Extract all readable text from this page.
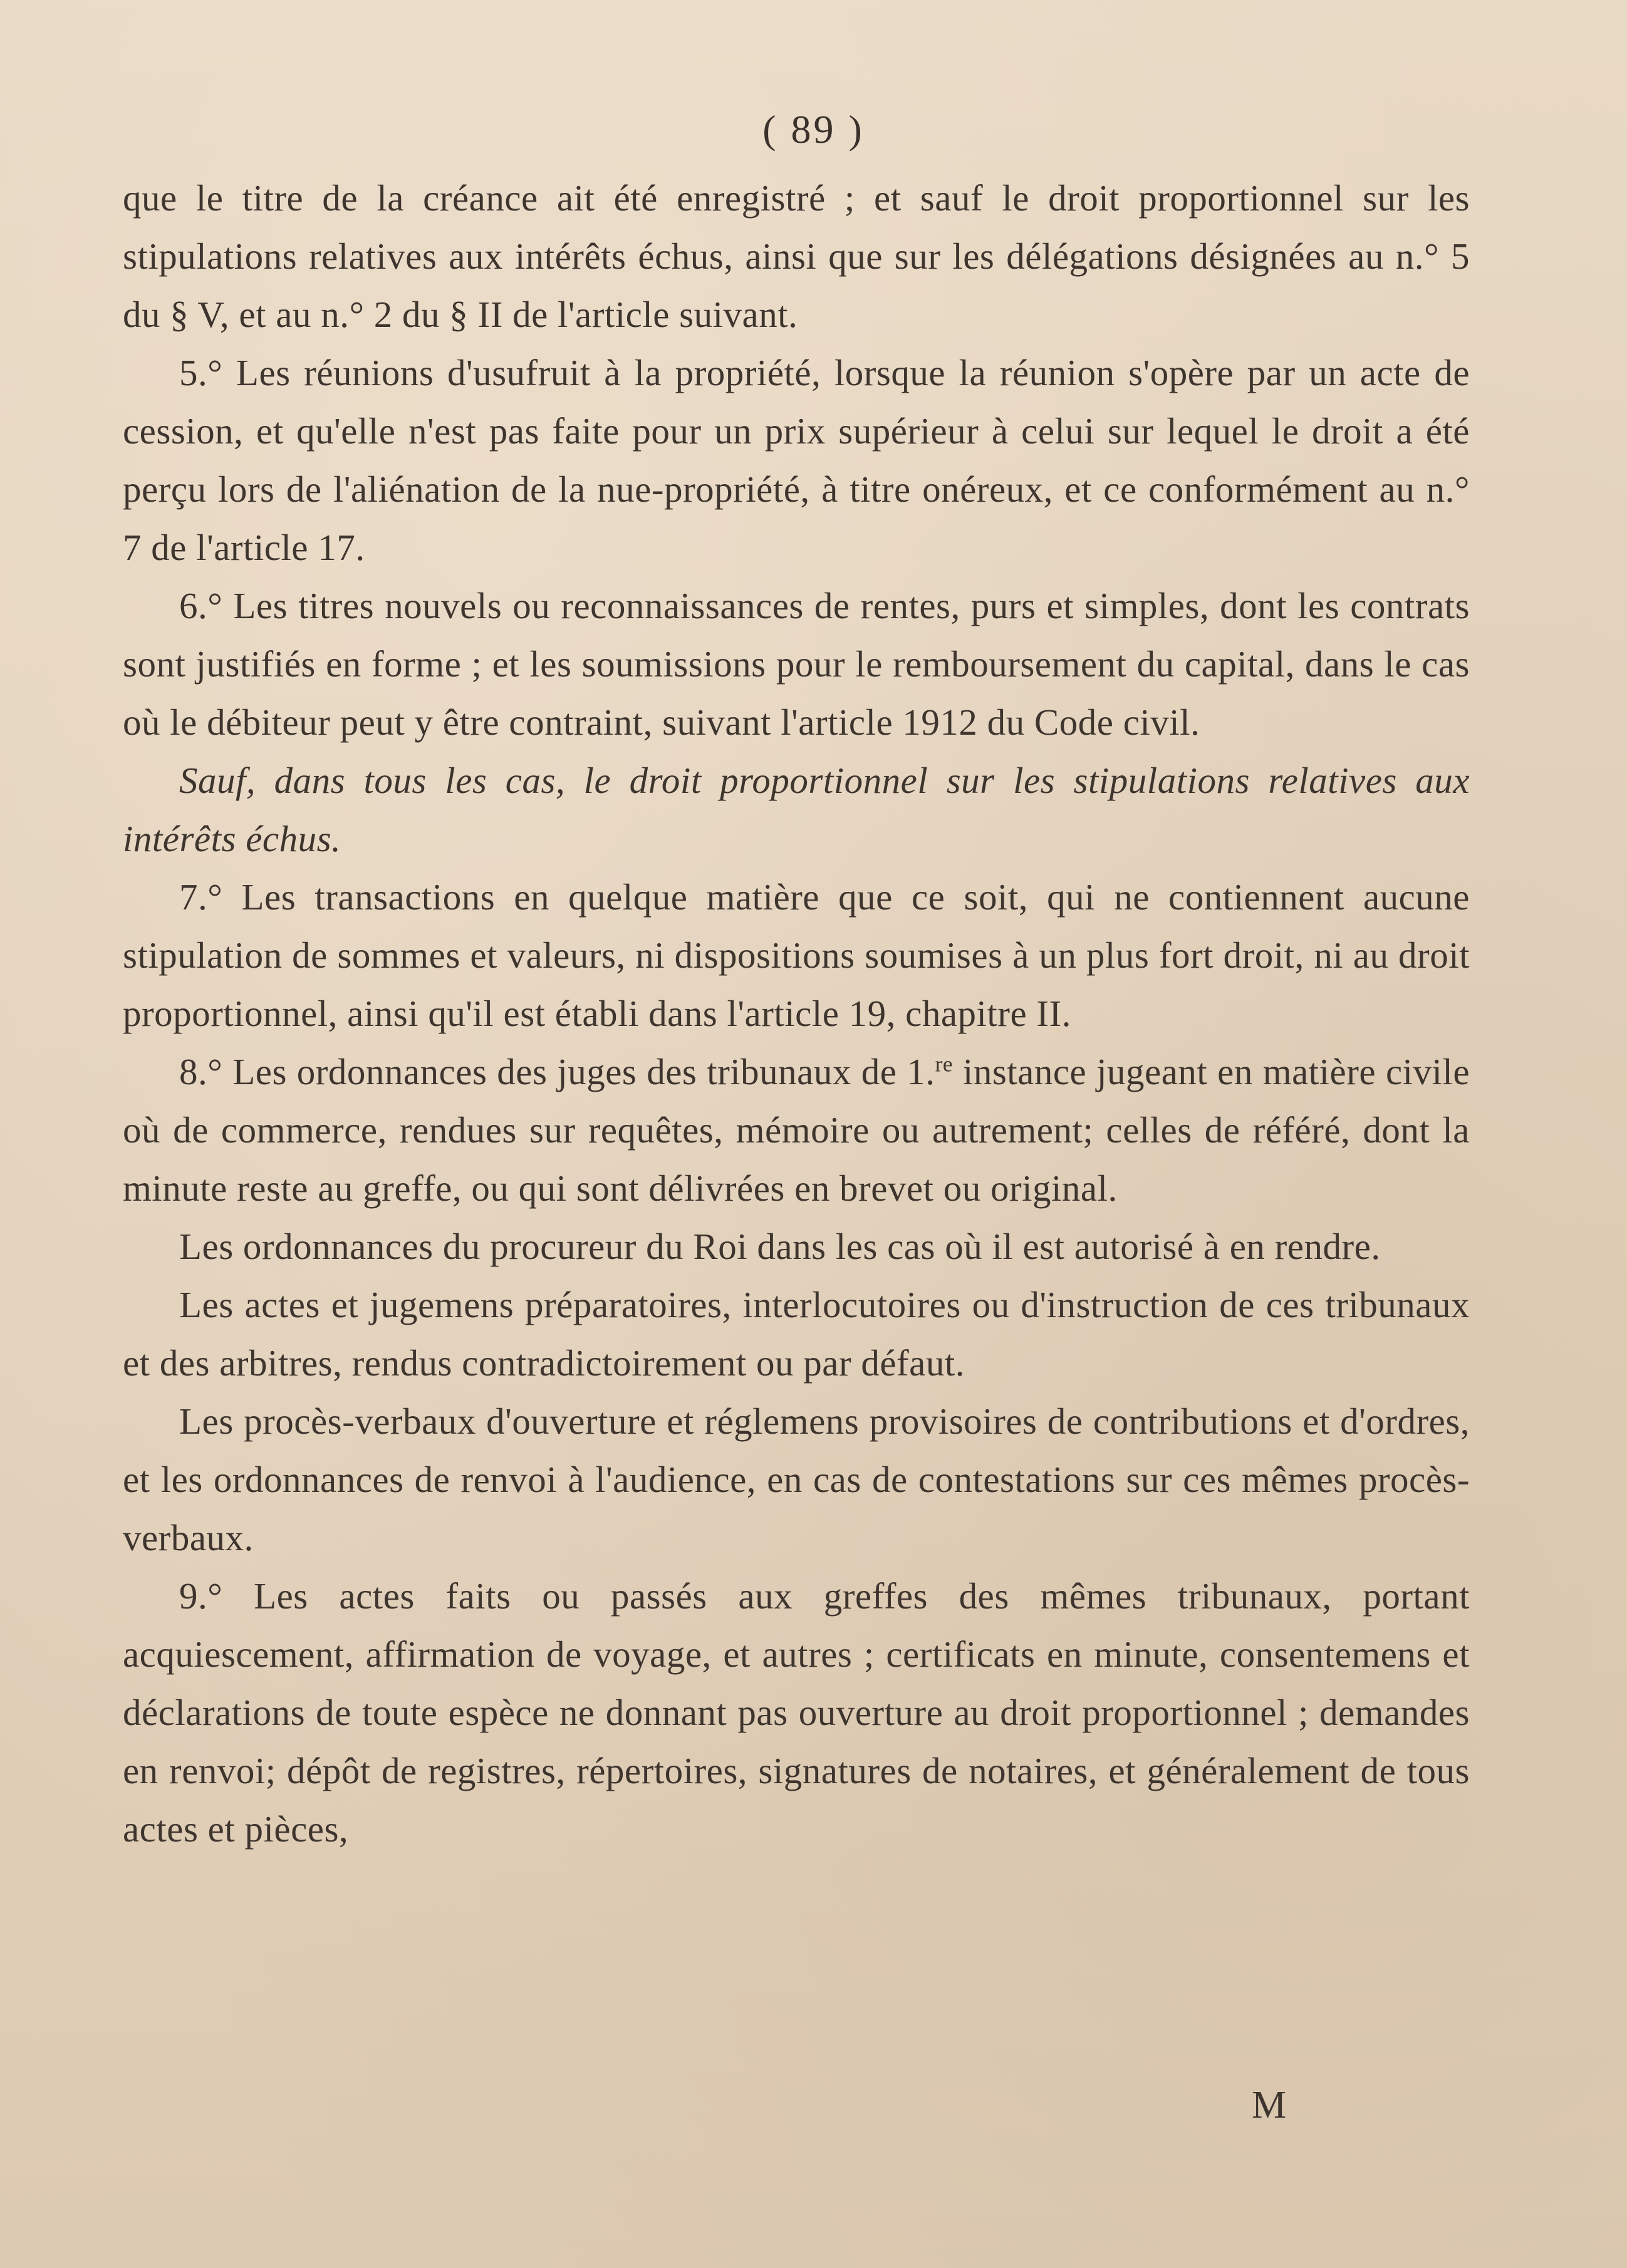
( 89 )

que le titre de la créance ait été enregistré ; et sauf le droit proportionnel sur les stipulations relatives aux intérêts échus, ainsi que sur les délégations désignées au n.° 5 du § V, et au n.° 2 du § II de l'article suivant.

5.° Les réunions d'usufruit à la propriété, lorsque la réunion s'opère par un acte de cession, et qu'elle n'est pas faite pour un prix supérieur à celui sur lequel le droit a été perçu lors de l'aliénation de la nue-propriété, à titre onéreux, et ce conformément au n.° 7 de l'article 17.

6.° Les titres nouvels ou reconnaissances de rentes, purs et simples, dont les contrats sont justifiés en forme ; et les soumissions pour le remboursement du capital, dans le cas où le débiteur peut y être contraint, suivant l'article 1912 du Code civil.

Sauf, dans tous les cas, le droit proportionnel sur les stipulations relatives aux intérêts échus.

7.° Les transactions en quelque matière que ce soit, qui ne contiennent aucune stipulation de sommes et valeurs, ni dispositions soumises à un plus fort droit, ni au droit proportionnel, ainsi qu'il est établi dans l'article 19, chapitre II.

8.° Les ordonnances des juges des tribunaux de 1.$^{re}$ instance jugeant en matière civile où de commerce, rendues sur requêtes, mémoire ou autrement; celles de référé, dont la minute reste au greffe, ou qui sont délivrées en brevet ou original.

Les ordonnances du procureur du Roi dans les cas où il est autorisé à en rendre.

Les actes et jugemens préparatoires, interlocutoires ou d'instruction de ces tribunaux et des arbitres, rendus contradictoirement ou par défaut.

Les procès-verbaux d'ouverture et réglemens provisoires de contributions et d'ordres, et les ordonnances de renvoi à l'audience, en cas de contestations sur ces mêmes procès-verbaux.

9.° Les actes faits ou passés aux greffes des mêmes tribunaux, portant acquiescement, affirmation de voyage, et autres ; certificats en minute, consentemens et déclarations de toute espèce ne donnant pas ouverture au droit proportionnel ; demandes en renvoi; dépôt de registres, répertoires, signatures de notaires, et généralement de tous actes et pièces,

M
